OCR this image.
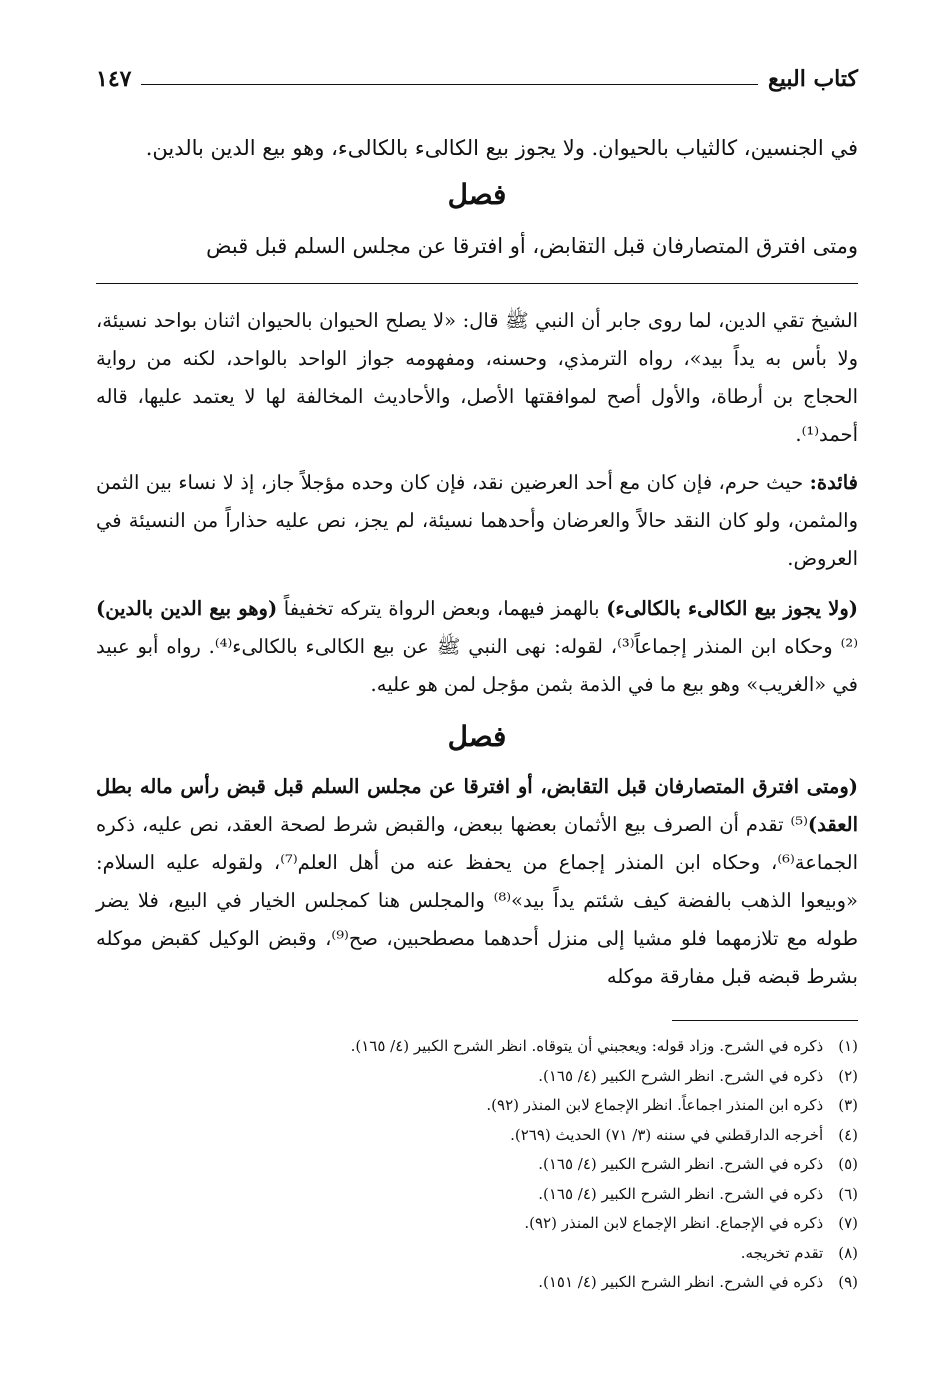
كتاب البيع
١٤٧
في الجنسين، كالثياب بالحيوان. ولا يجوز بيع الكالىء بالكالىء، وهو بيع الدين بالدين.
فصل
ومتى افترق المتصارفان قبل التقابض، أو افترقا عن مجلس السلم قبل قبض
الشيخ تقي الدين، لما روى جابر أن النبي ﷺ قال: «لا يصلح الحيوان بالحيوان اثنان بواحد نسيئة، ولا بأس به يداً بيد»، رواه الترمذي، وحسنه، ومفهومه جواز الواحد بالواحد، لكنه من رواية الحجاج بن أرطاة، والأول أصح لموافقتها الأصل، والأحاديث المخالفة لها لا يعتمد عليها، قاله أحمد⁽¹⁾.
فائدة: حيث حرم، فإن كان مع أحد العرضين نقد، فإن كان وحده مؤجلاً جاز، إذ لا نساء بين الثمن والمثمن، ولو كان النقد حالاً والعرضان وأحدهما نسيئة، لم يجز، نص عليه حذاراً من النسيئة في العروض.
(ولا يجوز بيع الكالىء بالكالىء) بالهمز فيهما، وبعض الرواة يتركه تخفيفاً (وهو بيع الدين بالدين)⁽²⁾ وحكاه ابن المنذر إجماعاً⁽³⁾، لقوله: نهى النبي ﷺ عن بيع الكالىء بالكالىء⁽⁴⁾. رواه أبو عبيد في «الغريب» وهو بيع ما في الذمة بثمن مؤجل لمن هو عليه.
فصل
(ومتى افترق المتصارفان قبل التقابض، أو افترقا عن مجلس السلم قبل قبض رأس ماله بطل العقد)⁽⁵⁾ تقدم أن الصرف بيع الأثمان بعضها ببعض، والقبض شرط لصحة العقد، نص عليه، ذكره الجماعة⁽⁶⁾، وحكاه ابن المنذر إجماع من يحفظ عنه من أهل العلم⁽⁷⁾، ولقوله عليه السلام: «وبيعوا الذهب بالفضة كيف شئتم يداً بيد»⁽⁸⁾ والمجلس هنا كمجلس الخيار في البيع، فلا يضر طوله مع تلازمهما فلو مشيا إلى منزل أحدهما مصطحبين، صح⁽⁹⁾، وقبض الوكيل كقبض موكله بشرط قبضه قبل مفارقة موكله
(١) ذكره في الشرح. وزاد قوله: ويعجبني أن يتوقاه. انظر الشرح الكبير (٤/ ١٦٥).
(٢) ذكره في الشرح. انظر الشرح الكبير (٤/ ١٦٥).
(٣) ذكره ابن المنذر اجماعاً. انظر الإجماع لابن المنذر (٩٢).
(٤) أخرجه الدارقطني في سننه (٣/ ٧١) الحديث (٢٦٩).
(٥) ذكره في الشرح. انظر الشرح الكبير (٤/ ١٦٥).
(٦) ذكره في الشرح. انظر الشرح الكبير (٤/ ١٦٥).
(٧) ذكره في الإجماع. انظر الإجماع لابن المنذر (٩٢).
(٨) تقدم تخريجه.
(٩) ذكره في الشرح. انظر الشرح الكبير (٤/ ١٥١).
